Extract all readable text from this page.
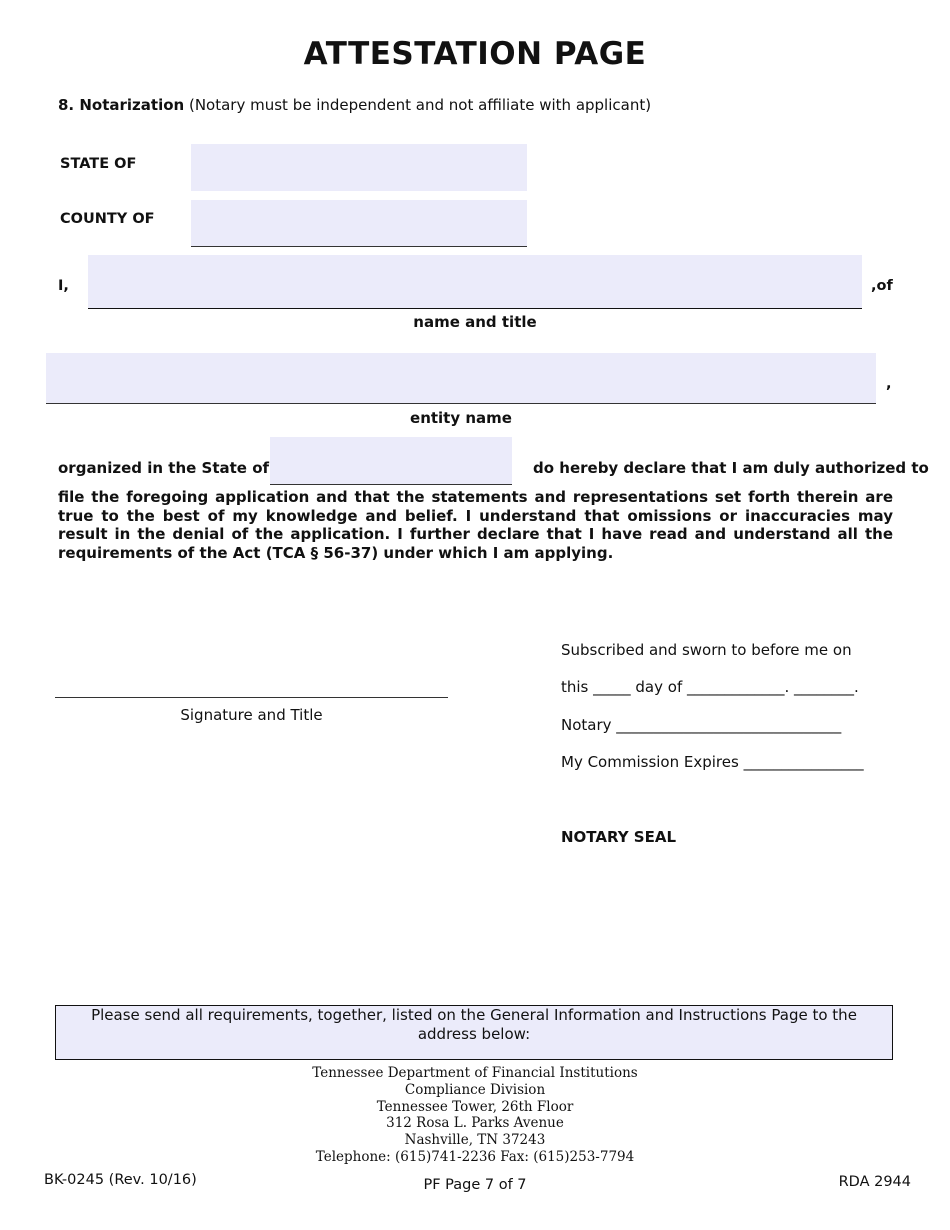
ATTESTATION PAGE
8. Notarization (Notary must be independent and not affiliate with applicant)
STATE OF
COUNTY OF
I,	,of
name and title
,
entity name
organized in the State of	do hereby declare that I am duly authorized to
file the foregoing application and that the statements and representations set forth therein are true to the best of my knowledge and belief. I understand that omissions or inaccuracies may result in the denial of the application. I further declare that I have read and understand all the requirements of the Act (TCA § 56-37) under which I am applying.
Signature and Title
Subscribed and sworn to before me on
this _____ day of _____________. ________.
Notary ______________________________
My Commission Expires ________________
NOTARY SEAL
Please send all requirements, together, listed on the General Information and Instructions Page to the address below:
Tennessee Department of Financial Institutions
Compliance Division
Tennessee Tower, 26th Floor
312 Rosa L. Parks Avenue
Nashville, TN 37243
Telephone: (615)741-2236 Fax: (615)253-7794
BK-0245 (Rev. 10/16)	PF Page 7 of 7	RDA 2944
